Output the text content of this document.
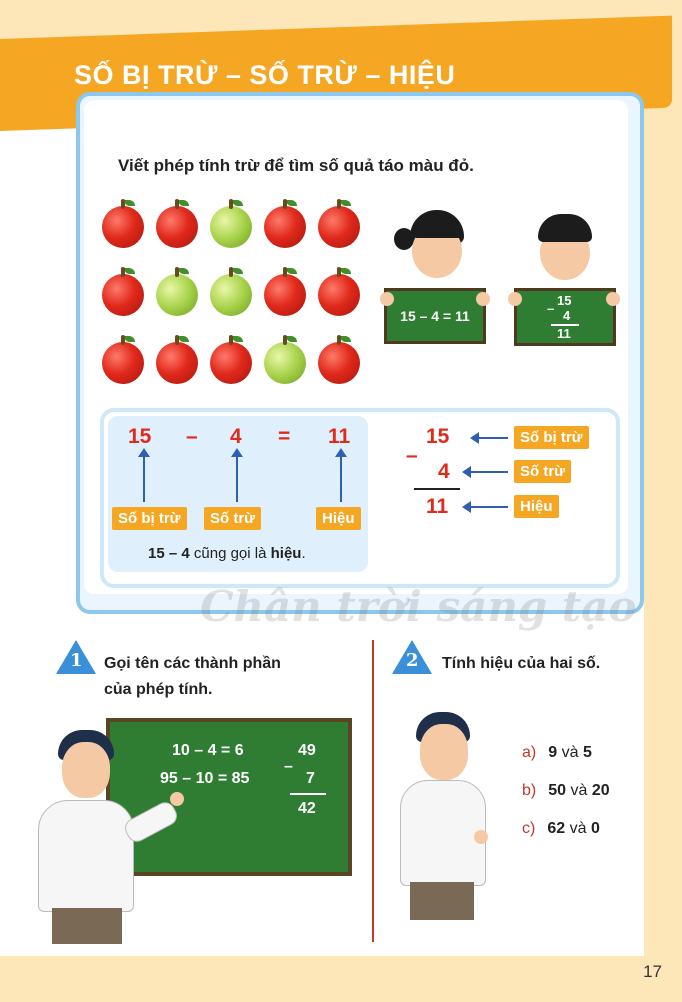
SỐ BỊ TRỪ – SỐ TRỪ – HIỆU
Viết phép tính trừ để tìm số quả táo màu đỏ.
15 – 4 = 11
15
– 4
11
15 – 4 = 11
Số bị trừ	Số trừ	Hiệu
15 – 4 cũng gọi là hiệu.
15
–
4
11
Số bị trừ
Số trừ
Hiệu
Chân trời sáng tạo
1 Gọi tên các thành phần
của phép tính.
10 – 4 = 6
95 – 10 = 85
49
–
7
42
2 Tính hiệu của hai số.
a) 9 và 5
b) 50 và 20
c) 62 và 0
17
